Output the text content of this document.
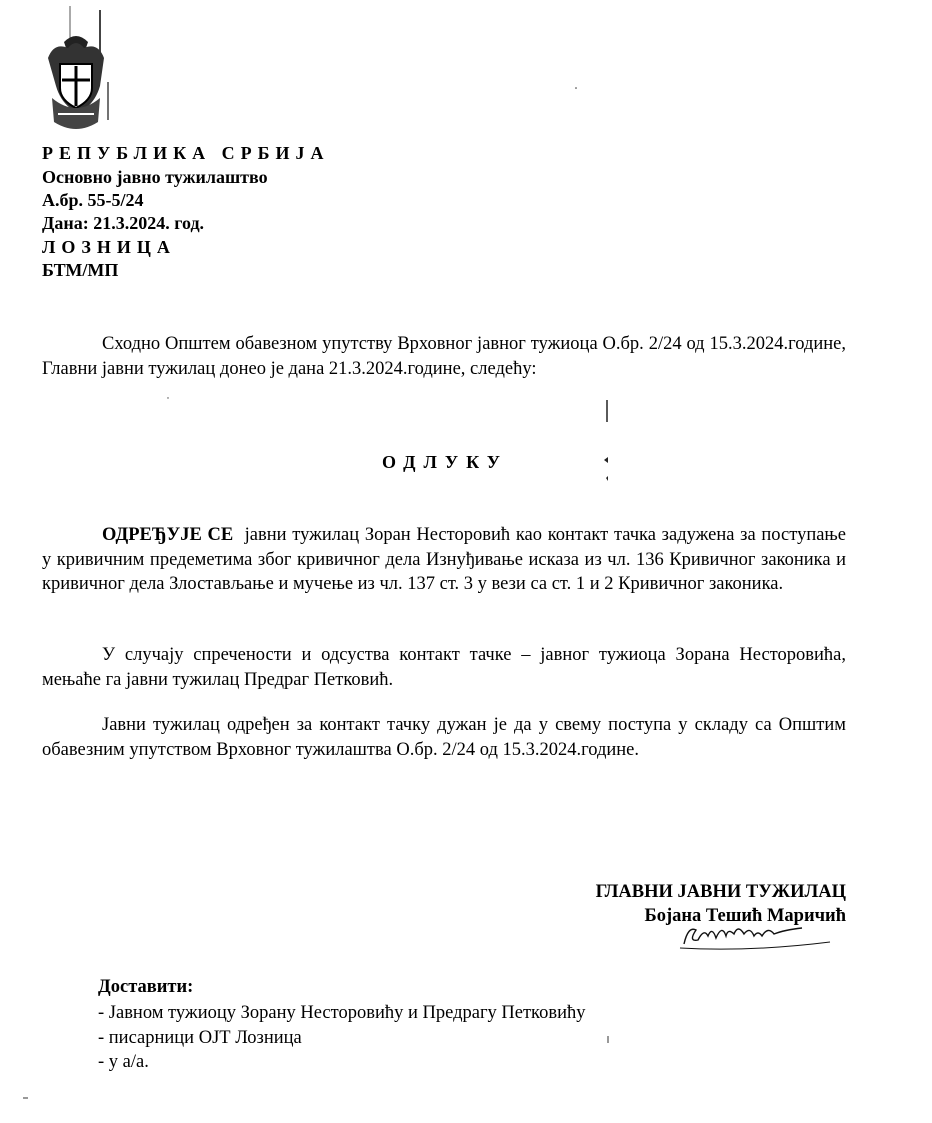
РЕПУБЛИКА СРБИЈА
Основно јавно тужилаштво
А.бр. 55-5/24
Дана: 21.3.2024. год.
ЛОЗНИЦА
БТМ/МП
Сходно Општем обавезном упутству Врховног јавног тужиоца О.бр. 2/24 од 15.3.2024.године, Главни јавни тужилац донео је дана 21.3.2024.године, следећу:
ОДЛУКУ
ОДРЕЂУЈЕ СЕ јавни тужилац Зоран Несторовић као контакт тачка задужена за поступање у кривичним предеметима због кривичног дела Изнуђивање исказа из чл. 136 Кривичног законика и кривичног дела Злостављање и мучење из чл. 137 ст. 3 у вези са ст. 1 и 2 Кривичног законика.
У случају спречености и одсуства контакт тачке – јавног тужиоца Зорана Несторовића, мењаће га јавни тужилац Предраг Петковић.
Јавни тужилац одређен за контакт тачку дужан је да у свему поступа у складу са Општим обавезним упутством Врховног тужилаштва О.бр. 2/24 од 15.3.2024.године.
ГЛАВНИ ЈАВНИ ТУЖИЛАЦ
Бојана Тешић Маричић
Доставити:
- Јавном тужиоцу Зорану Несторовићу и Предрагу Петковићу
- писарници ОЈТ Лозница
- у а/а.
